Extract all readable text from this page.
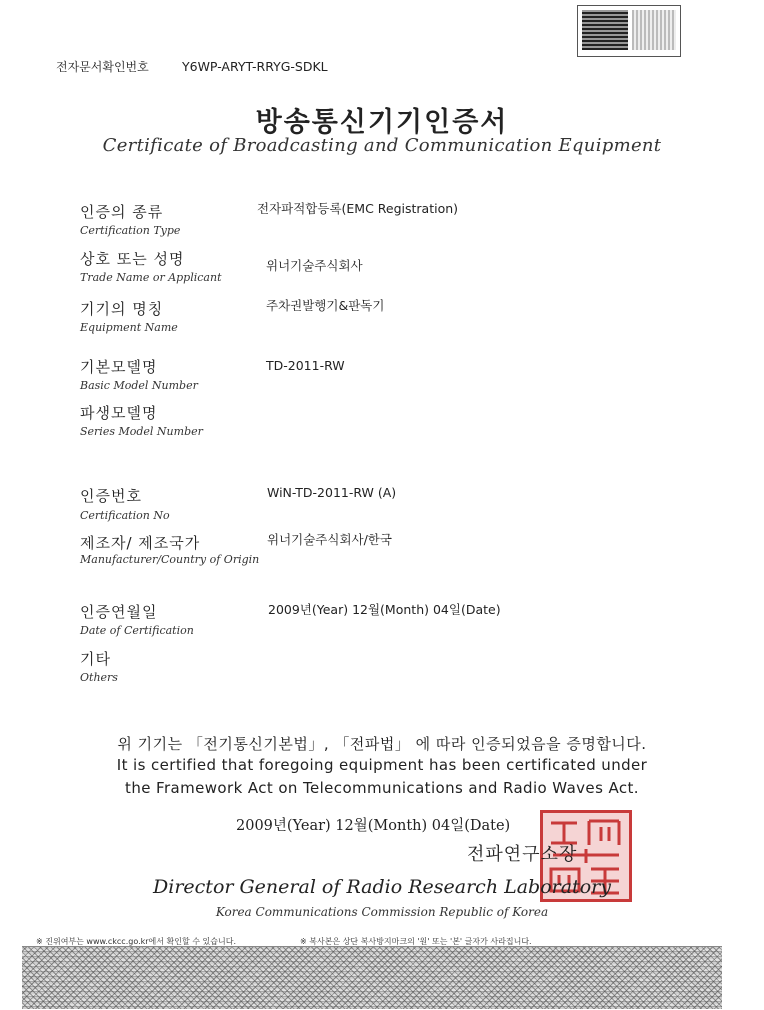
전자문서확인번호	Y6WP-ARYT-RRYG-SDKL
방송통신기기인증서
Certificate of Broadcasting and Communication Equipment
인증의 종류
Certification Type
전자파적합등록(EMC Registration)
상호 또는 성명
Trade Name or Applicant
위너기술주식회사
기기의 명칭
Equipment Name
주차권발행기&판독기
기본모델명
Basic Model Number
TD-2011-RW
파생모델명
Series Model Number
인증번호
Certification No
WiN-TD-2011-RW (A)
제조자/ 제조국가
Manufacturer/Country of Origin
위너기술주식회사/한국
인증연월일
Date of Certification
2009년(Year) 12월(Month) 04일(Date)
기타
Others
위 기기는 「전기통신기본법」, 「전파법」 에 따라 인증되었음을 증명합니다.
It is certified that foregoing equipment has been certificated under
the Framework Act on Telecommunications and Radio Waves Act.
2009년(Year) 12월(Month) 04일(Date)
전파연구소장
Director General of Radio Research Laboratory
Korea Communications Commission Republic of Korea
※ 진위여부는 www.ckcc.go.kr에서 확인할 수 있습니다.	※ 복사본은 상단 복사방지마크의 '원' 또는 '본' 글자가 사라집니다.
